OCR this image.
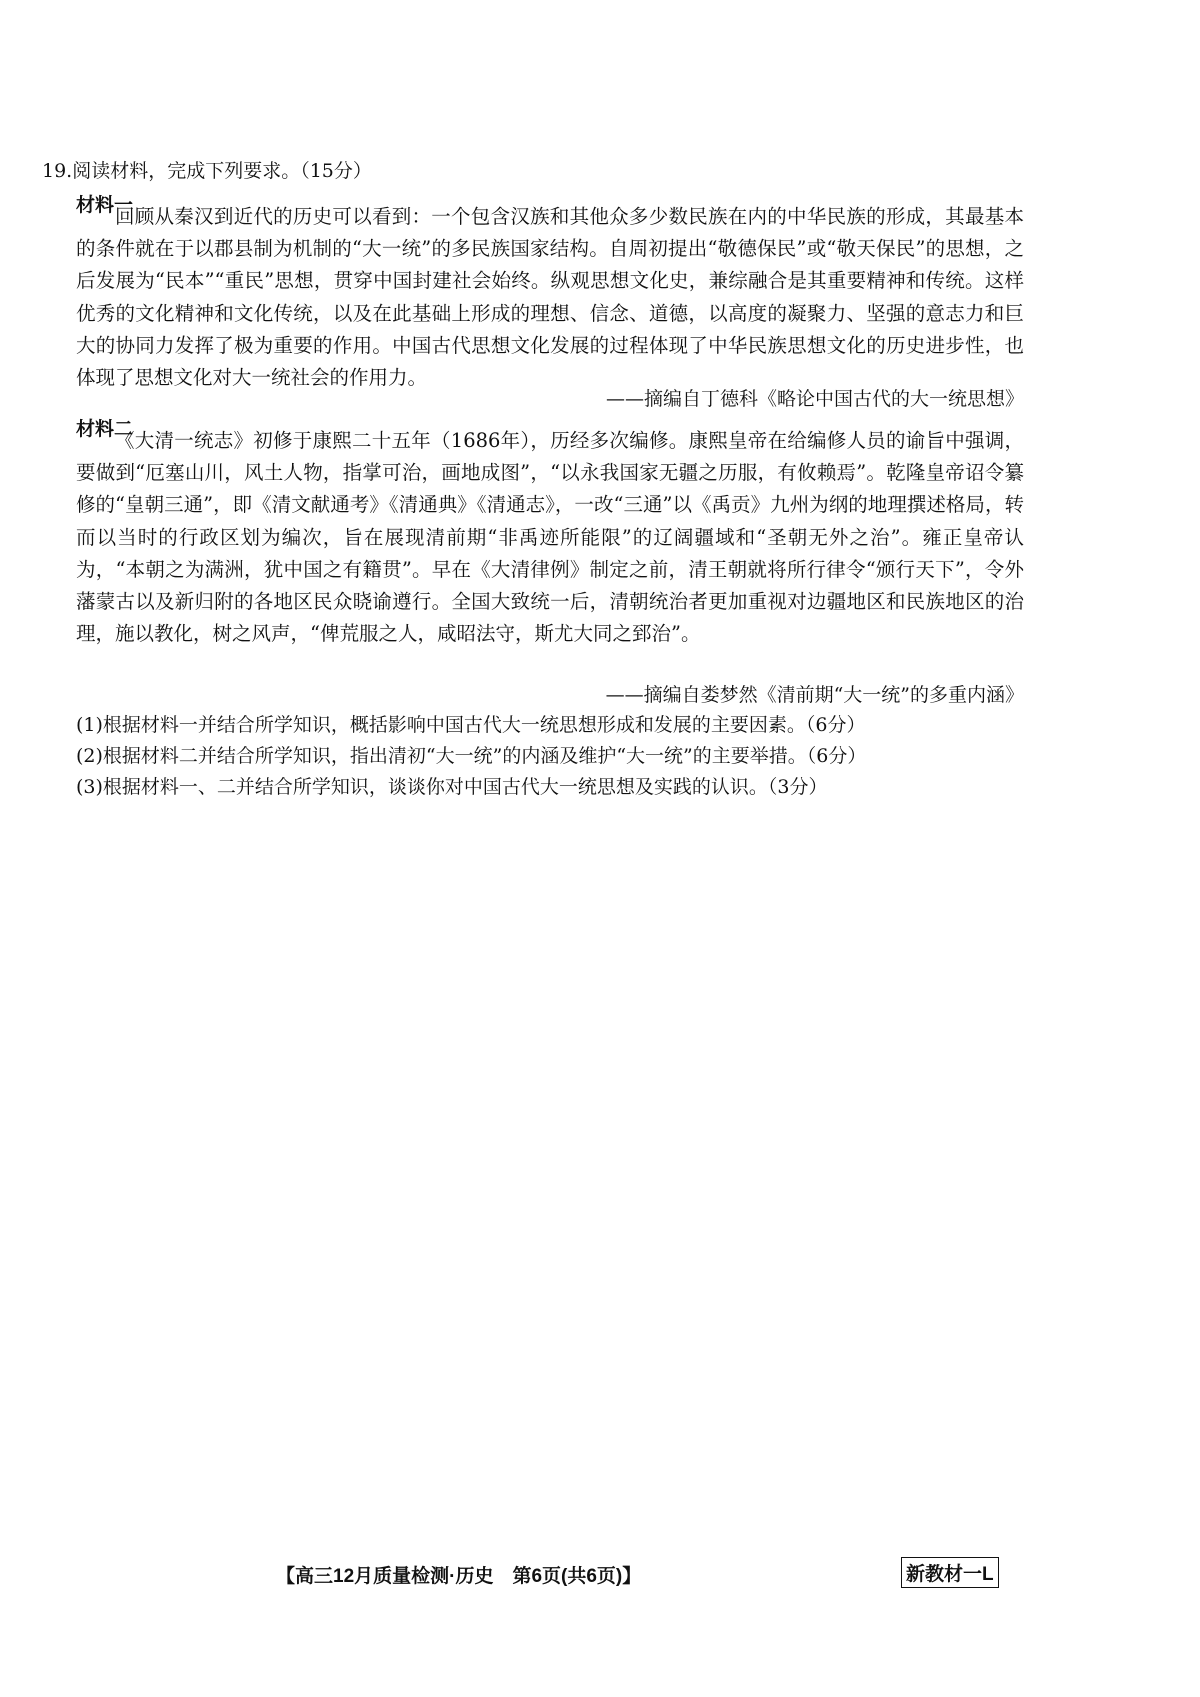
19.阅读材料，完成下列要求。（15分）
材料一

回顾从秦汉到近代的历史可以看到：一个包含汉族和其他众多少数民族在内的中华民族的形成，其最基本的条件就在于以郡县制为机制的“大一统”的多民族国家结构。自周初提出“敬德保民”或“敬天保民”的思想，之后发展为“民本”“重民”思想，贯穿中国封建社会始终。纵观思想文化史，兼综融合是其重要精神和传统。这样优秀的文化精神和文化传统，以及在此基础上形成的理想、信念、道德，以高度的凝聚力、坚强的意志力和巨大的协同力发挥了极为重要的作用。中国古代思想文化发展的过程体现了中华民族思想文化的历史进步性，也体现了思想文化对大一统社会的作用力。

——摘编自丁德科《略论中国古代的大一统思想》
材料二

《大清一统志》初修于康熙二十五年（1686年），历经多次编修。康熙皇帝在给编修人员的谕旨中强调，要做到“厄塞山川，风土人物，指掌可治，画地成图”，“以永我国家无疆之历服，有攸赖焉”。乾隆皇帝诏令纂修的“皇朝三通”，即《清文献通考》《清通典》《清通志》，一改“三通”以《禹贡》九州为纲的地理撰述格局，转而以当时的行政区划为编次，旨在展现清前期“非禹迹所能限”的辽阔疆域和“圣朝无外之治”。雍正皇帝认为，“本朝之为满洲，犹中国之有籍贯”。早在《大清律例》制定之前，清王朝就将所行律令“颁行天下”，令外藩蒙古以及新归附的各地区民众晓谕遵行。全国大致统一后，清朝统治者更加重视对边疆地区和民族地区的治理，施以教化，树之风声，“俾荒服之人，咸昭法守，斯尤大同之郅治”。

——摘编自娄梦然《清前期“大一统”的多重内涵》
(1)根据材料一并结合所学知识，概括影响中国古代大一统思想形成和发展的主要因素。（6分）
(2)根据材料二并结合所学知识，指出清初“大一统”的内涵及维护“大一统”的主要举措。（6分）
(3)根据材料一、二并结合所学知识，谈谈你对中国古代大一统思想及实践的认识。（3分）
【高三12月质量检测·历史　第6页(共6页)】	新教材一L
